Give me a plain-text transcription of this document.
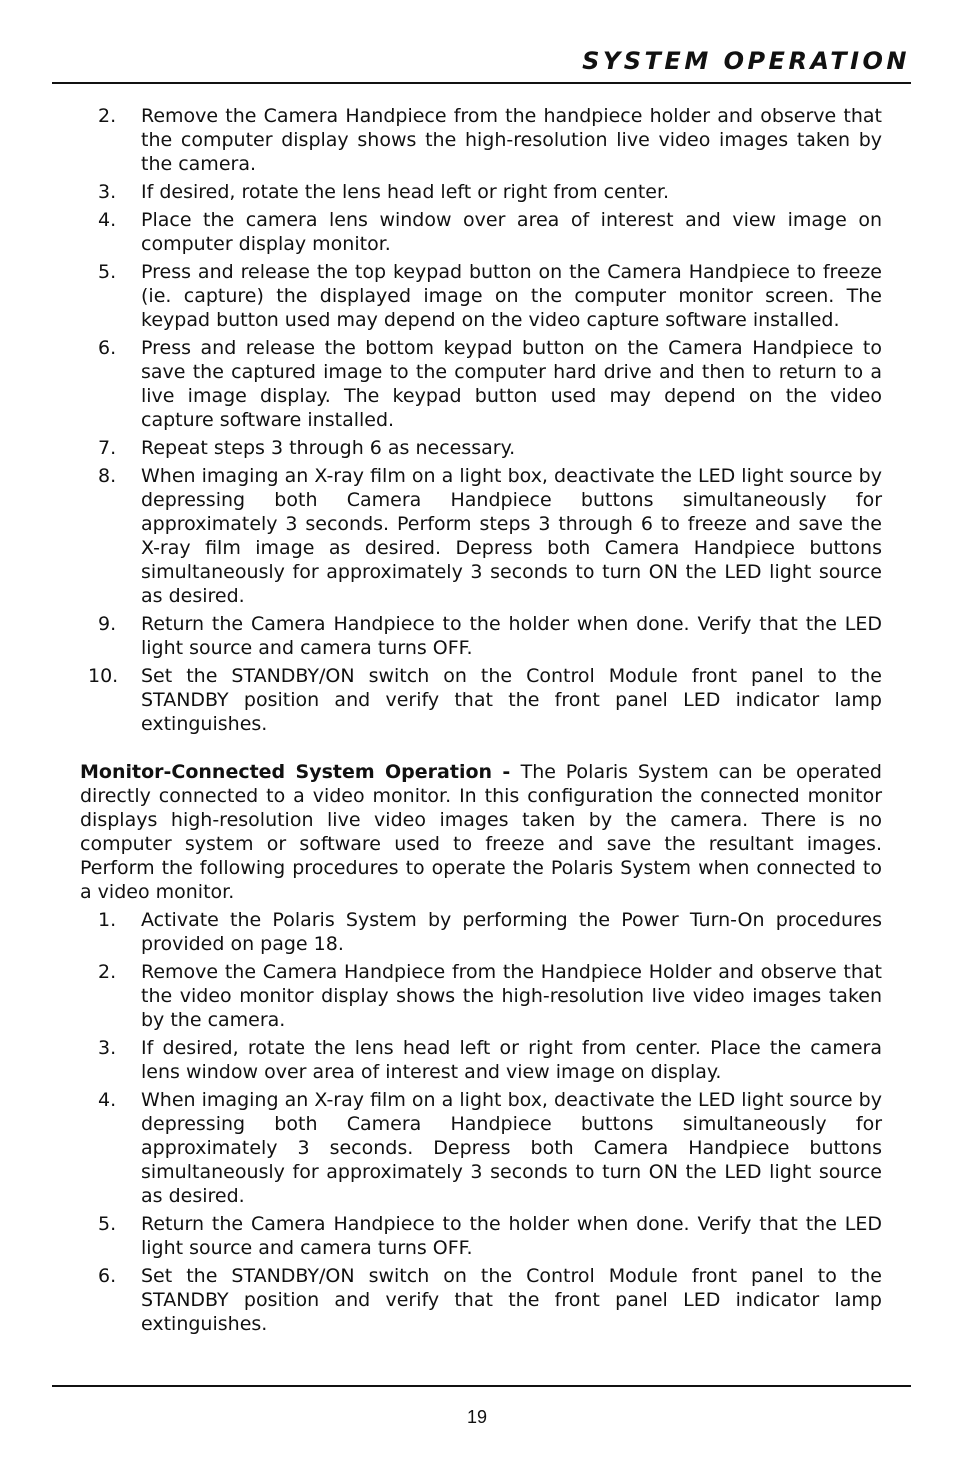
SYSTEM OPERATION
2.	Remove the Camera Handpiece from the handpiece holder and observe that the computer display shows the high-resolution live video images taken by the camera.
3.	If desired, rotate the lens head left or right from center.
4.	Place the camera lens window over area of interest and view image on computer display monitor.
5.	Press and release the top keypad button on the Camera Handpiece to freeze (ie. capture) the displayed image on the computer monitor screen. The keypad button used may depend on the video capture software installed.
6.	Press and release the bottom keypad button on the Camera Handpiece to save the captured image to the computer hard drive and then to return to a live image display. The keypad button used may depend on the video capture software installed.
7.	Repeat steps 3 through 6 as necessary.
8.	When imaging an X-ray film on a light box, deactivate the LED light source by depressing both Camera Handpiece buttons simultaneously for approximately 3 seconds. Perform steps 3 through 6 to freeze and save the X-ray film image as desired. Depress both Camera Handpiece buttons simultaneously for approximately 3 seconds to turn ON the LED light source as desired.
9.	Return the Camera Handpiece to the holder when done. Verify that the LED light source and camera turns OFF.
10.	Set the STANDBY/ON switch on the Control Module front panel to the STANDBY position and verify that the front panel LED indicator lamp extinguishes.

Monitor-Connected System Operation - The Polaris System can be operated directly connected to a video monitor. In this configuration the connected monitor displays high-resolution live video images taken by the camera. There is no computer system or software used to freeze and save the resultant images. Perform the following procedures to operate the Polaris System when connected to a video monitor.

1.	Activate the Polaris System by performing the Power Turn-On procedures provided on page 18.
2.	Remove the Camera Handpiece from the Handpiece Holder and observe that the video monitor display shows the high-resolution live video images taken by the camera.
3.	If desired, rotate the lens head left or right from center. Place the camera lens window over area of interest and view image on display.
4.	When imaging an X-ray film on a light box, deactivate the LED light source by depressing both Camera Handpiece buttons simultaneously for approximately 3 seconds. Depress both Camera Handpiece buttons simultaneously for approximately 3 seconds to turn ON the LED light source as desired.
5.	Return the Camera Handpiece to the holder when done. Verify that the LED light source and camera turns OFF.
6.	Set the STANDBY/ON switch on the Control Module front panel to the STANDBY position and verify that the front panel LED indicator lamp extinguishes.
19
